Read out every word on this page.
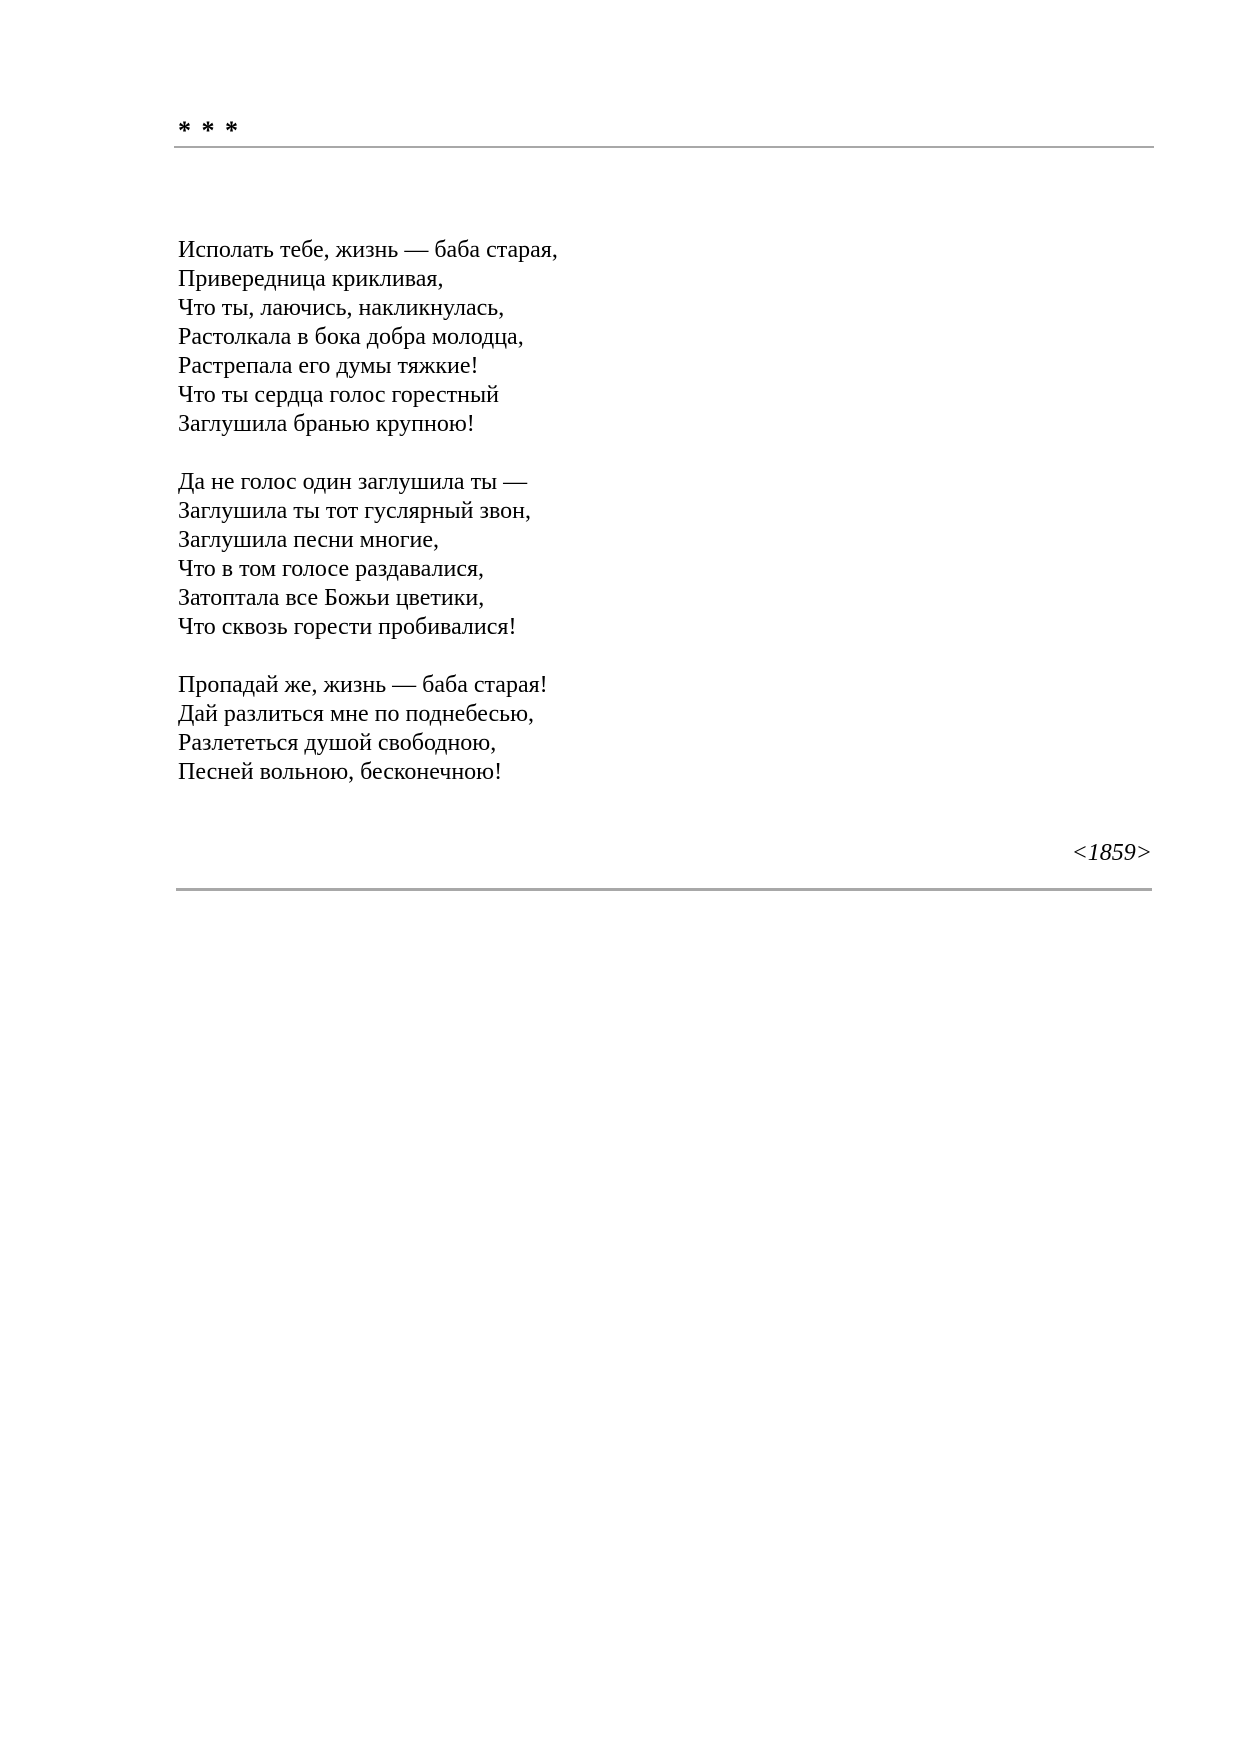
* * *
Исполать тебе, жизнь — баба старая,
Привередница крикливая,
Что ты, лаючись, накликнулась,
Растолкала в бока добра молодца,
Растрепала его думы тяжкие!
Что ты сердца голос горестный
Заглушила бранью крупною!
Да не голос один заглушила ты —
Заглушила ты тот гуслярный звон,
Заглушила песни многие,
Что в том голосе раздавалися,
Затоптала все Божьи цветики,
Что сквозь горести пробивалися!
Пропадай же, жизнь — баба старая!
Дай разлиться мне по поднебесью,
Разлететься душой свободною,
Песней вольною, бесконечною!
<1859>
